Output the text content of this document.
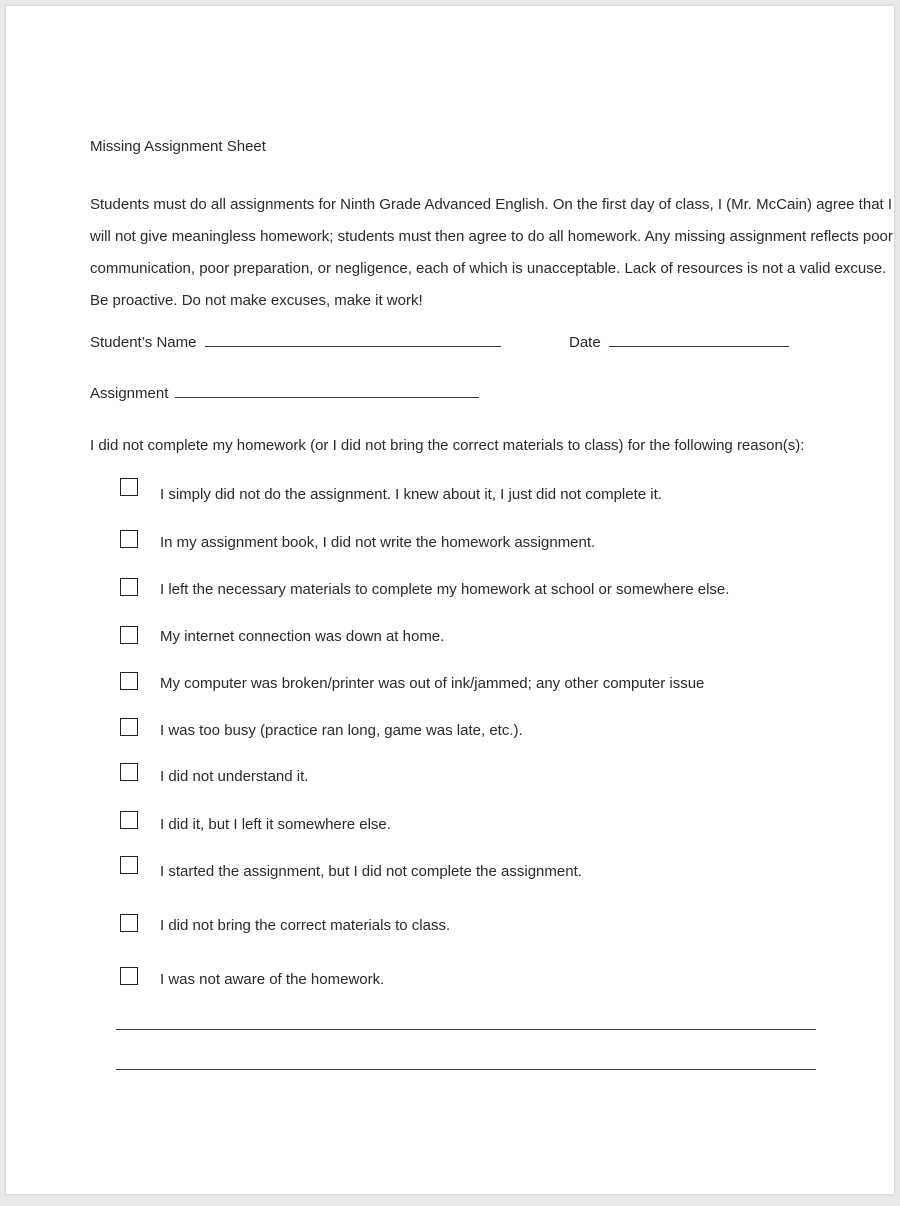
Missing Assignment Sheet
Students must do all assignments for Ninth Grade Advanced English. On the first day of class, I (Mr. McCain) agree that I
will not give meaningless homework; students must then agree to do all homework. Any missing assignment reflects poor
communication, poor preparation, or negligence, each of which is unacceptable. Lack of resources is not a valid excuse.
Be proactive. Do not make excuses, make it work!
Student’s Name	Date
Assignment
I did not complete my homework (or I did not bring the correct materials to class) for the following reason(s):
I simply did not do the assignment. I knew about it, I just did not complete it.
In my assignment book, I did not write the homework assignment.
I left the necessary materials to complete my homework at school or somewhere else.
My internet connection was down at home.
My computer was broken/printer was out of ink/jammed; any other computer issue
I was too busy (practice ran long, game was late, etc.).
I did not understand it.
I did it, but I left it somewhere else.
I started the assignment, but I did not complete the assignment.
I did not bring the correct materials to class.
I was not aware of the homework.
